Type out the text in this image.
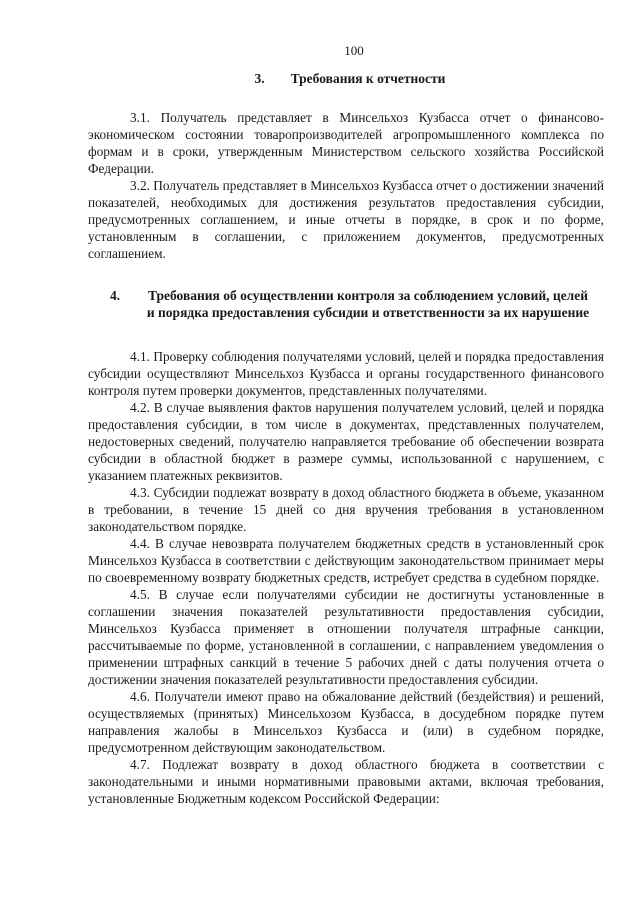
100
3. Требования к отчетности

3.1. Получатель представляет в Минсельхоз Кузбасса отчет о финансово-экономическом состоянии товаропроизводителей агропромышленного комплекса по формам и в сроки, утвержденным Министерством сельского хозяйства Российской Федерации.

3.2. Получатель представляет в Минсельхоз Кузбасса отчет о достижении значений показателей, необходимых для достижения результатов предоставления субсидии, предусмотренных соглашением, и иные отчеты в порядке, в срок и по форме, установленным в соглашении, с приложением документов, предусмотренных соглашением.

4.	Требования об осуществлении контроля за соблюдением условий, целей и порядка предоставления субсидии и ответственности за их нарушение

4.1. Проверку соблюдения получателями условий, целей и порядка предоставления субсидии осуществляют Минсельхоз Кузбасса и органы государственного финансового контроля путем проверки документов, представленных получателями.

4.2. В случае выявления фактов нарушения получателем условий, целей и порядка предоставления субсидии, в том числе в документах, представленных получателем, недостоверных сведений, получателю направляется требование об обеспечении возврата субсидии в областной бюджет в размере суммы, использованной с нарушением, с указанием платежных реквизитов.

4.3. Субсидии подлежат возврату в доход областного бюджета в объеме, указанном в требовании, в течение 15 дней со дня вручения требования в установленном законодательством порядке.

4.4. В случае невозврата получателем бюджетных средств в установленный срок Минсельхоз Кузбасса в соответствии с действующим законодательством принимает меры по своевременному возврату бюджетных средств, истребует средства в судебном порядке.

4.5. В случае если получателями субсидии не достигнуты установленные в соглашении значения показателей результативности предоставления субсидии, Минсельхоз Кузбасса применяет в отношении получателя штрафные санкции, рассчитываемые по форме, установленной в соглашении, с направлением уведомления о применении штрафных санкций в течение 5 рабочих дней с даты получения отчета о достижении значения показателей результативности предоставления субсидии.

4.6. Получатели имеют право на обжалование действий (бездействия) и решений, осуществляемых (принятых) Минсельхозом Кузбасса, в досудебном порядке путем направления жалобы в Минсельхоз Кузбасса и (или) в судебном порядке, предусмотренном действующим законодательством.

4.7. Подлежат возврату в доход областного бюджета в соответствии с законодательными и иными нормативными правовыми актами, включая требования, установленные Бюджетным кодексом Российской Федерации:
